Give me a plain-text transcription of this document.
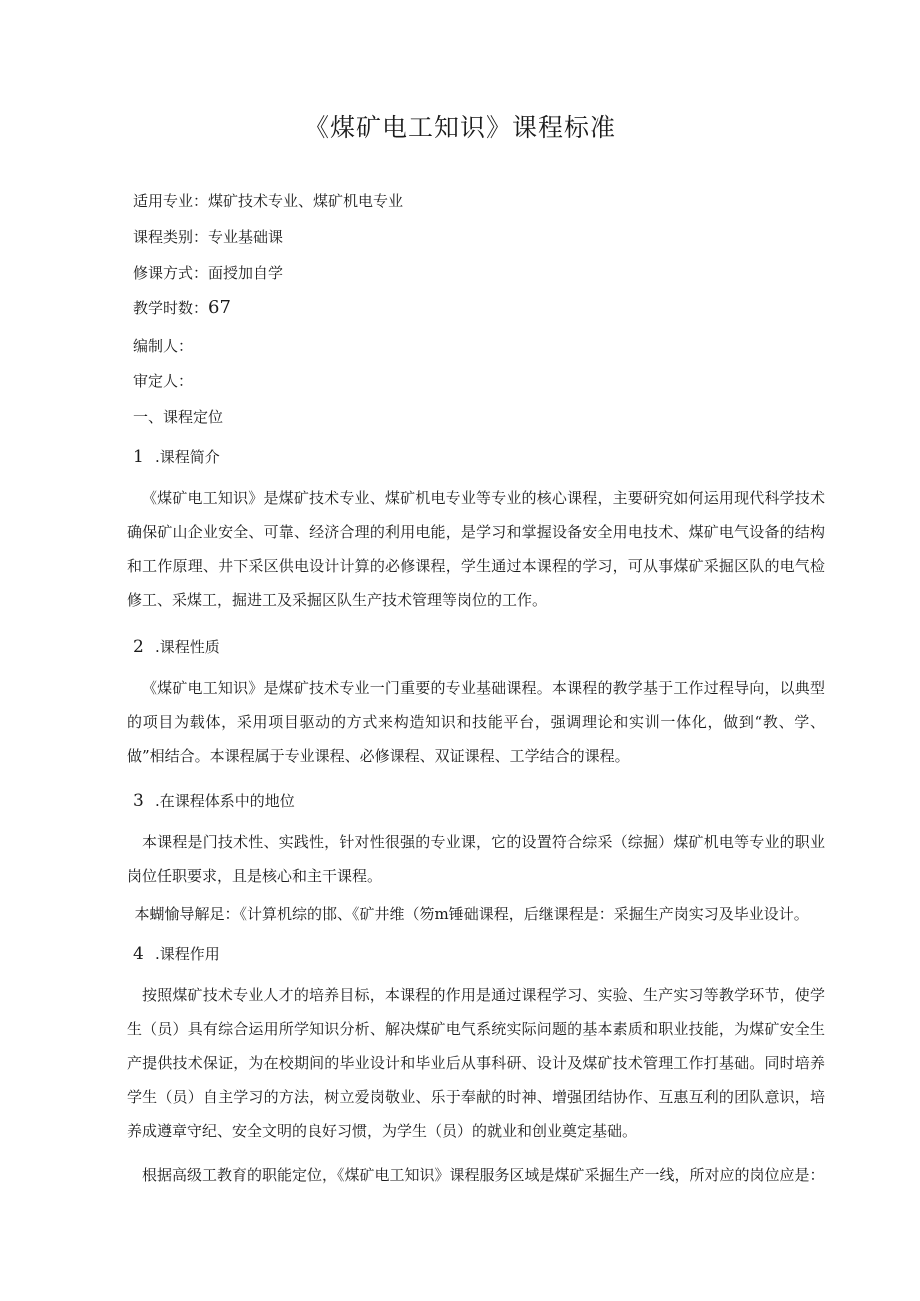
《煤矿电工知识》课程标准

适用专业：煤矿技术专业、煤矿机电专业

课程类别：专业基础课

修课方式：面授加自学

教学时数：67

编制人：

审定人：

一、课程定位

1 .课程简介

《煤矿电工知识》是煤矿技术专业、煤矿机电专业等专业的核心课程，主要研究如何运用现代科学技术确保矿山企业安全、可靠、经济合理的利用电能，是学习和掌握设备安全用电技术、煤矿电气设备的结构和工作原理、井下采区供电设计计算的必修课程，学生通过本课程的学习，可从事煤矿采掘区队的电气检修工、采煤工，掘进工及采掘区队生产技术管理等岗位的工作。

2 .课程性质

《煤矿电工知识》是煤矿技术专业一门重要的专业基础课程。本课程的教学基于工作过程导向，以典型的项目为载体，采用项目驱动的方式来构造知识和技能平台，强调理论和实训一体化，做到“教、学、做”相结合。本课程属于专业课程、必修课程、双证课程、工学结合的课程。

3 .在课程体系中的地位

本课程是门技术性、实践性，针对性很强的专业课，它的设置符合综采（综掘）煤矿机电等专业的职业岗位任职要求，且是核心和主干课程。

本蝴愉导解足：《计算机综的邯、《矿井维（笏m锤础课程，后继课程是：采掘生产岗实习及毕业设计。

4 .课程作用

按照煤矿技术专业人才的培养目标，本课程的作用是通过课程学习、实验、生产实习等教学环节，使学生（员）具有综合运用所学知识分析、解决煤矿电气系统实际问题的基本素质和职业技能，为煤矿安全生产提供技术保证，为在校期间的毕业设计和毕业后从事科研、设计及煤矿技术管理工作打基础。同时培养学生（员）自主学习的方法，树立爱岗敬业、乐于奉献的时神、增强团结协作、互惠互利的团队意识，培养成遵章守纪、安全文明的良好习惯，为学生（员）的就业和创业奠定基础。

根据高级工教育的职能定位，《煤矿电工知识》课程服务区域是煤矿采掘生产一线，所对应的岗位应是：
